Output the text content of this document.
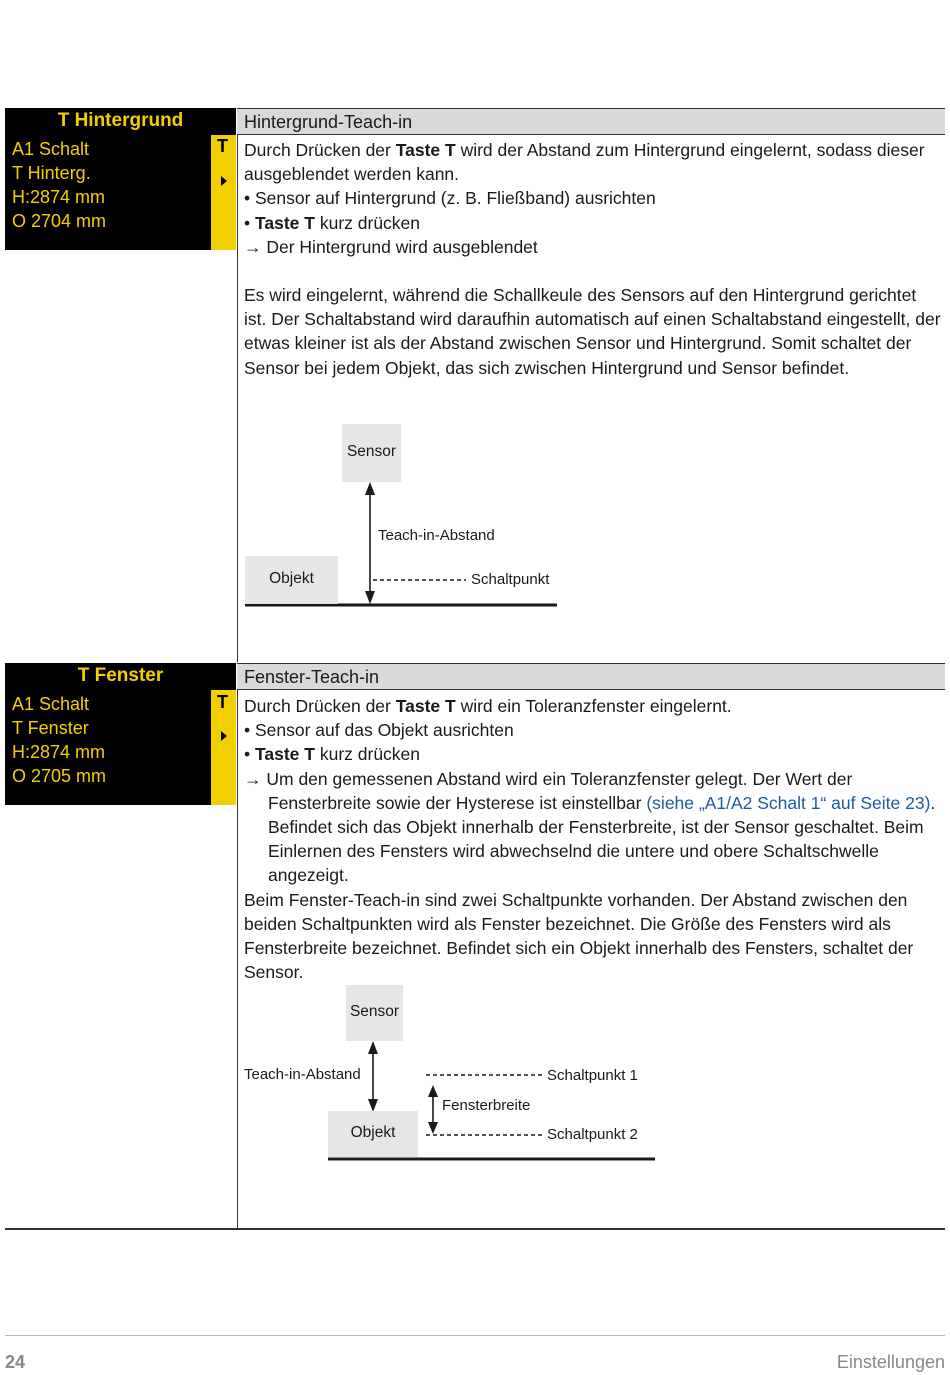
T Hintergrund	Hintergrund-Teach-in
A1 Schalt
T Hinterg.
H:2874 mm
O 2704 mm
T Durch Drücken der Taste T wird der Abstand zum Hintergrund eingelernt, sodass dieser ausgeblendet werden kann.

• Sensor auf Hintergrund (z. B. Fließband) ausrichten

• Taste T kurz drücken

→ Der Hintergrund wird ausgeblendet

Es wird eingelernt, während die Schallkeule des Sensors auf den Hintergrund gerichtet ist. Der Schaltabstand wird daraufhin automatisch auf einen Schaltabstand eingestellt, der etwas kleiner ist als der Abstand zwischen Sensor und Hintergrund. Somit schaltet der Sensor bei jedem Objekt, das sich zwischen Hintergrund und Sensor befindet.

Sensor
Teach-in-Abstand
Objekt	Schaltpunkt
T Fenster	Fenster-Teach-in
A1 Schalt
T Fenster
H:2874 mm
O 2705 mm
T Durch Drücken der Taste T wird ein Toleranzfenster eingelernt.

• Sensor auf das Objekt ausrichten

• Taste T kurz drücken

→ Um den gemessenen Abstand wird ein Toleranzfenster gelegt. Der Wert der Fensterbreite sowie der Hysterese ist einstellbar (siehe „A1/A2 Schalt 1“ auf Seite 23). Befindet sich das Objekt innerhalb der Fensterbreite, ist der Sensor geschaltet. Beim Einlernen des Fensters wird abwechselnd die untere und obere Schaltschwelle angezeigt.

Beim Fenster-Teach-in sind zwei Schaltpunkte vorhanden. Der Abstand zwischen den beiden Schaltpunkten wird als Fenster bezeichnet. Die Größe des Fensters wird als Fensterbreite bezeichnet. Befindet sich ein Objekt innerhalb des Fensters, schaltet der Sensor.

Sensor
Teach-in-Abstand	Schaltpunkt 1
Fensterbreite
Objekt	Schaltpunkt 2
24	Einstellungen
